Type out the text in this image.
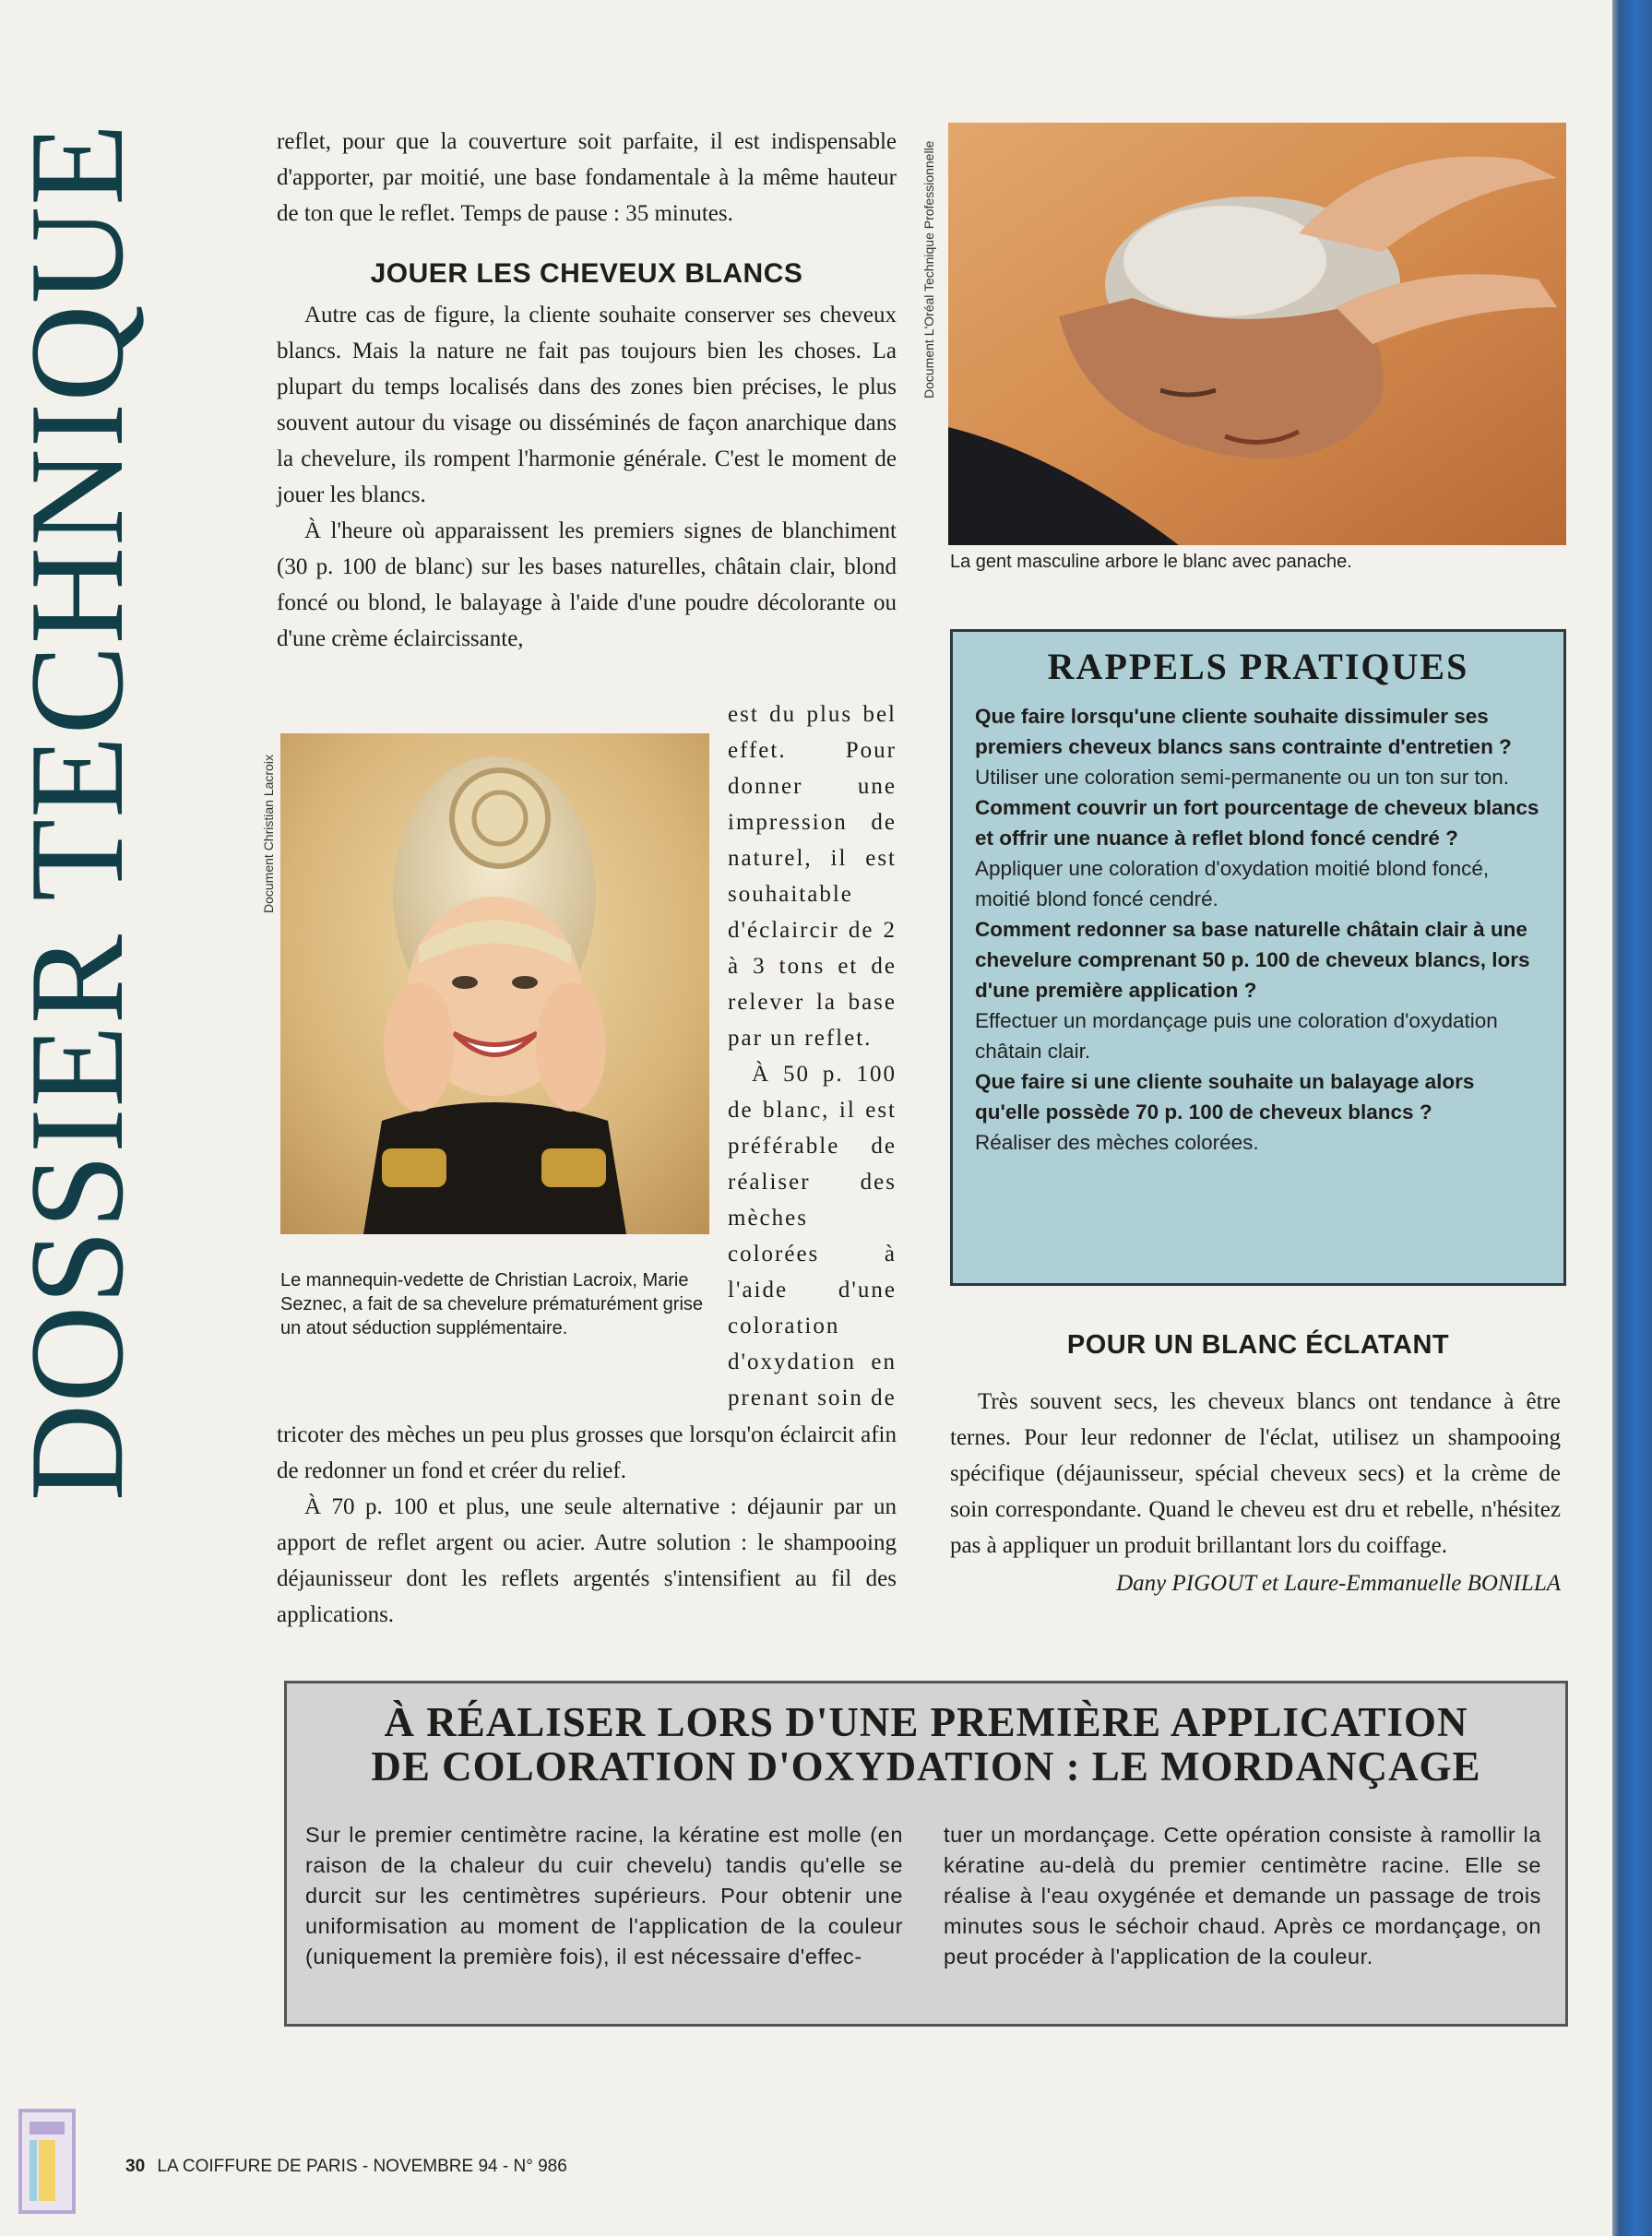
DOSSIER TECHNIQUE	reflet, pour que la couverture soit parfaite, il est indispensable d'apporter, par moitié, une base fondamentale à la même hauteur de ton que le reflet. Temps de pause : 35 minutes.

JOUER LES CHEVEUX BLANCS

Autre cas de figure, la cliente souhaite conserver ses cheveux blancs. Mais la nature ne fait pas toujours bien les choses. La plupart du temps localisés dans des zones bien précises, le plus souvent autour du visage ou disséminés de façon anarchique dans la chevelure, ils rompent l'harmonie générale. C'est le moment de jouer les blancs.

À l'heure où apparaissent les premiers signes de blanchiment (30 p. 100 de blanc) sur les bases naturelles, châtain clair, blond foncé ou blond, le balayage à l'aide d'une poudre décolorante ou d'une crème éclaircissante,

Document Christian Lacroix
Le mannequin-vedette de Christian Lacroix, Marie Seznec, a fait de sa chevelure prématurément grise un atout séduction supplémentaire.
est du plus bel effet. Pour donner une impression de naturel, il est souhaitable d'éclaircir de 2 à 3 tons et de relever la base par un reflet.
À 50 p. 100 de blanc, il est préférable de réaliser des mèches colorées à l'aide d'une coloration d'oxydation en prenant soin de

tricoter des mèches un peu plus grosses que lorsqu'on éclaircit afin de redonner un fond et créer du relief.

À 70 p. 100 et plus, une seule alternative : déjaunir par un apport de reflet argent ou acier. Autre solution : le shampooing déjaunisseur dont les reflets argentés s'intensifient au fil des applications.

Document L'Oréal Technique Professionnelle
La gent masculine arbore le blanc avec panache.
RAPPELS PRATIQUES

Que faire lorsqu'une cliente souhaite dissimuler ses premiers cheveux blancs sans contrainte d'entretien ?

Utiliser une coloration semi-permanente ou un ton sur ton.

Comment couvrir un fort pourcentage de cheveux blancs et offrir une nuance à reflet blond foncé cendré ?

Appliquer une coloration d'oxydation moitié blond foncé, moitié blond foncé cendré.

Comment redonner sa base naturelle châtain clair à une chevelure comprenant 50 p. 100 de cheveux blancs, lors d'une première application ?

Effectuer un mordançage puis une coloration d'oxydation châtain clair.

Que faire si une cliente souhaite un balayage alors qu'elle possède 70 p. 100 de cheveux blancs ?

Réaliser des mèches colorées.

POUR UN BLANC ÉCLATANT

Très souvent secs, les cheveux blancs ont tendance à être ternes. Pour leur redonner de l'éclat, utilisez un shampooing spécifique (déjaunisseur, spécial cheveux secs) et la crème de soin correspondante. Quand le cheveu est dru et rebelle, n'hésitez pas à appliquer un produit brillantant lors du coiffage.

Dany PIGOUT et Laure-Emmanuelle BONILLA
À RÉALISER LORS D'UNE PREMIÈRE APPLICATION
DE COLORATION D'OXYDATION : LE MORDANÇAGE
Sur le premier centimètre racine, la kératine est molle (en raison de la chaleur du cuir chevelu) tandis qu'elle se durcit sur les centimètres supérieurs. Pour obtenir une uniformisation au moment de l'application de la couleur (uniquement la première fois), il est nécessaire d'effec-
tuer un mordançage. Cette opération consiste à ramollir la kératine au-delà du premier centimètre racine. Elle se réalise à l'eau oxygénée et demande un passage de trois minutes sous le séchoir chaud. Après ce mordançage, on peut procéder à l'application de la couleur.
30 LA COIFFURE DE PARIS - NOVEMBRE 94 - N° 986
